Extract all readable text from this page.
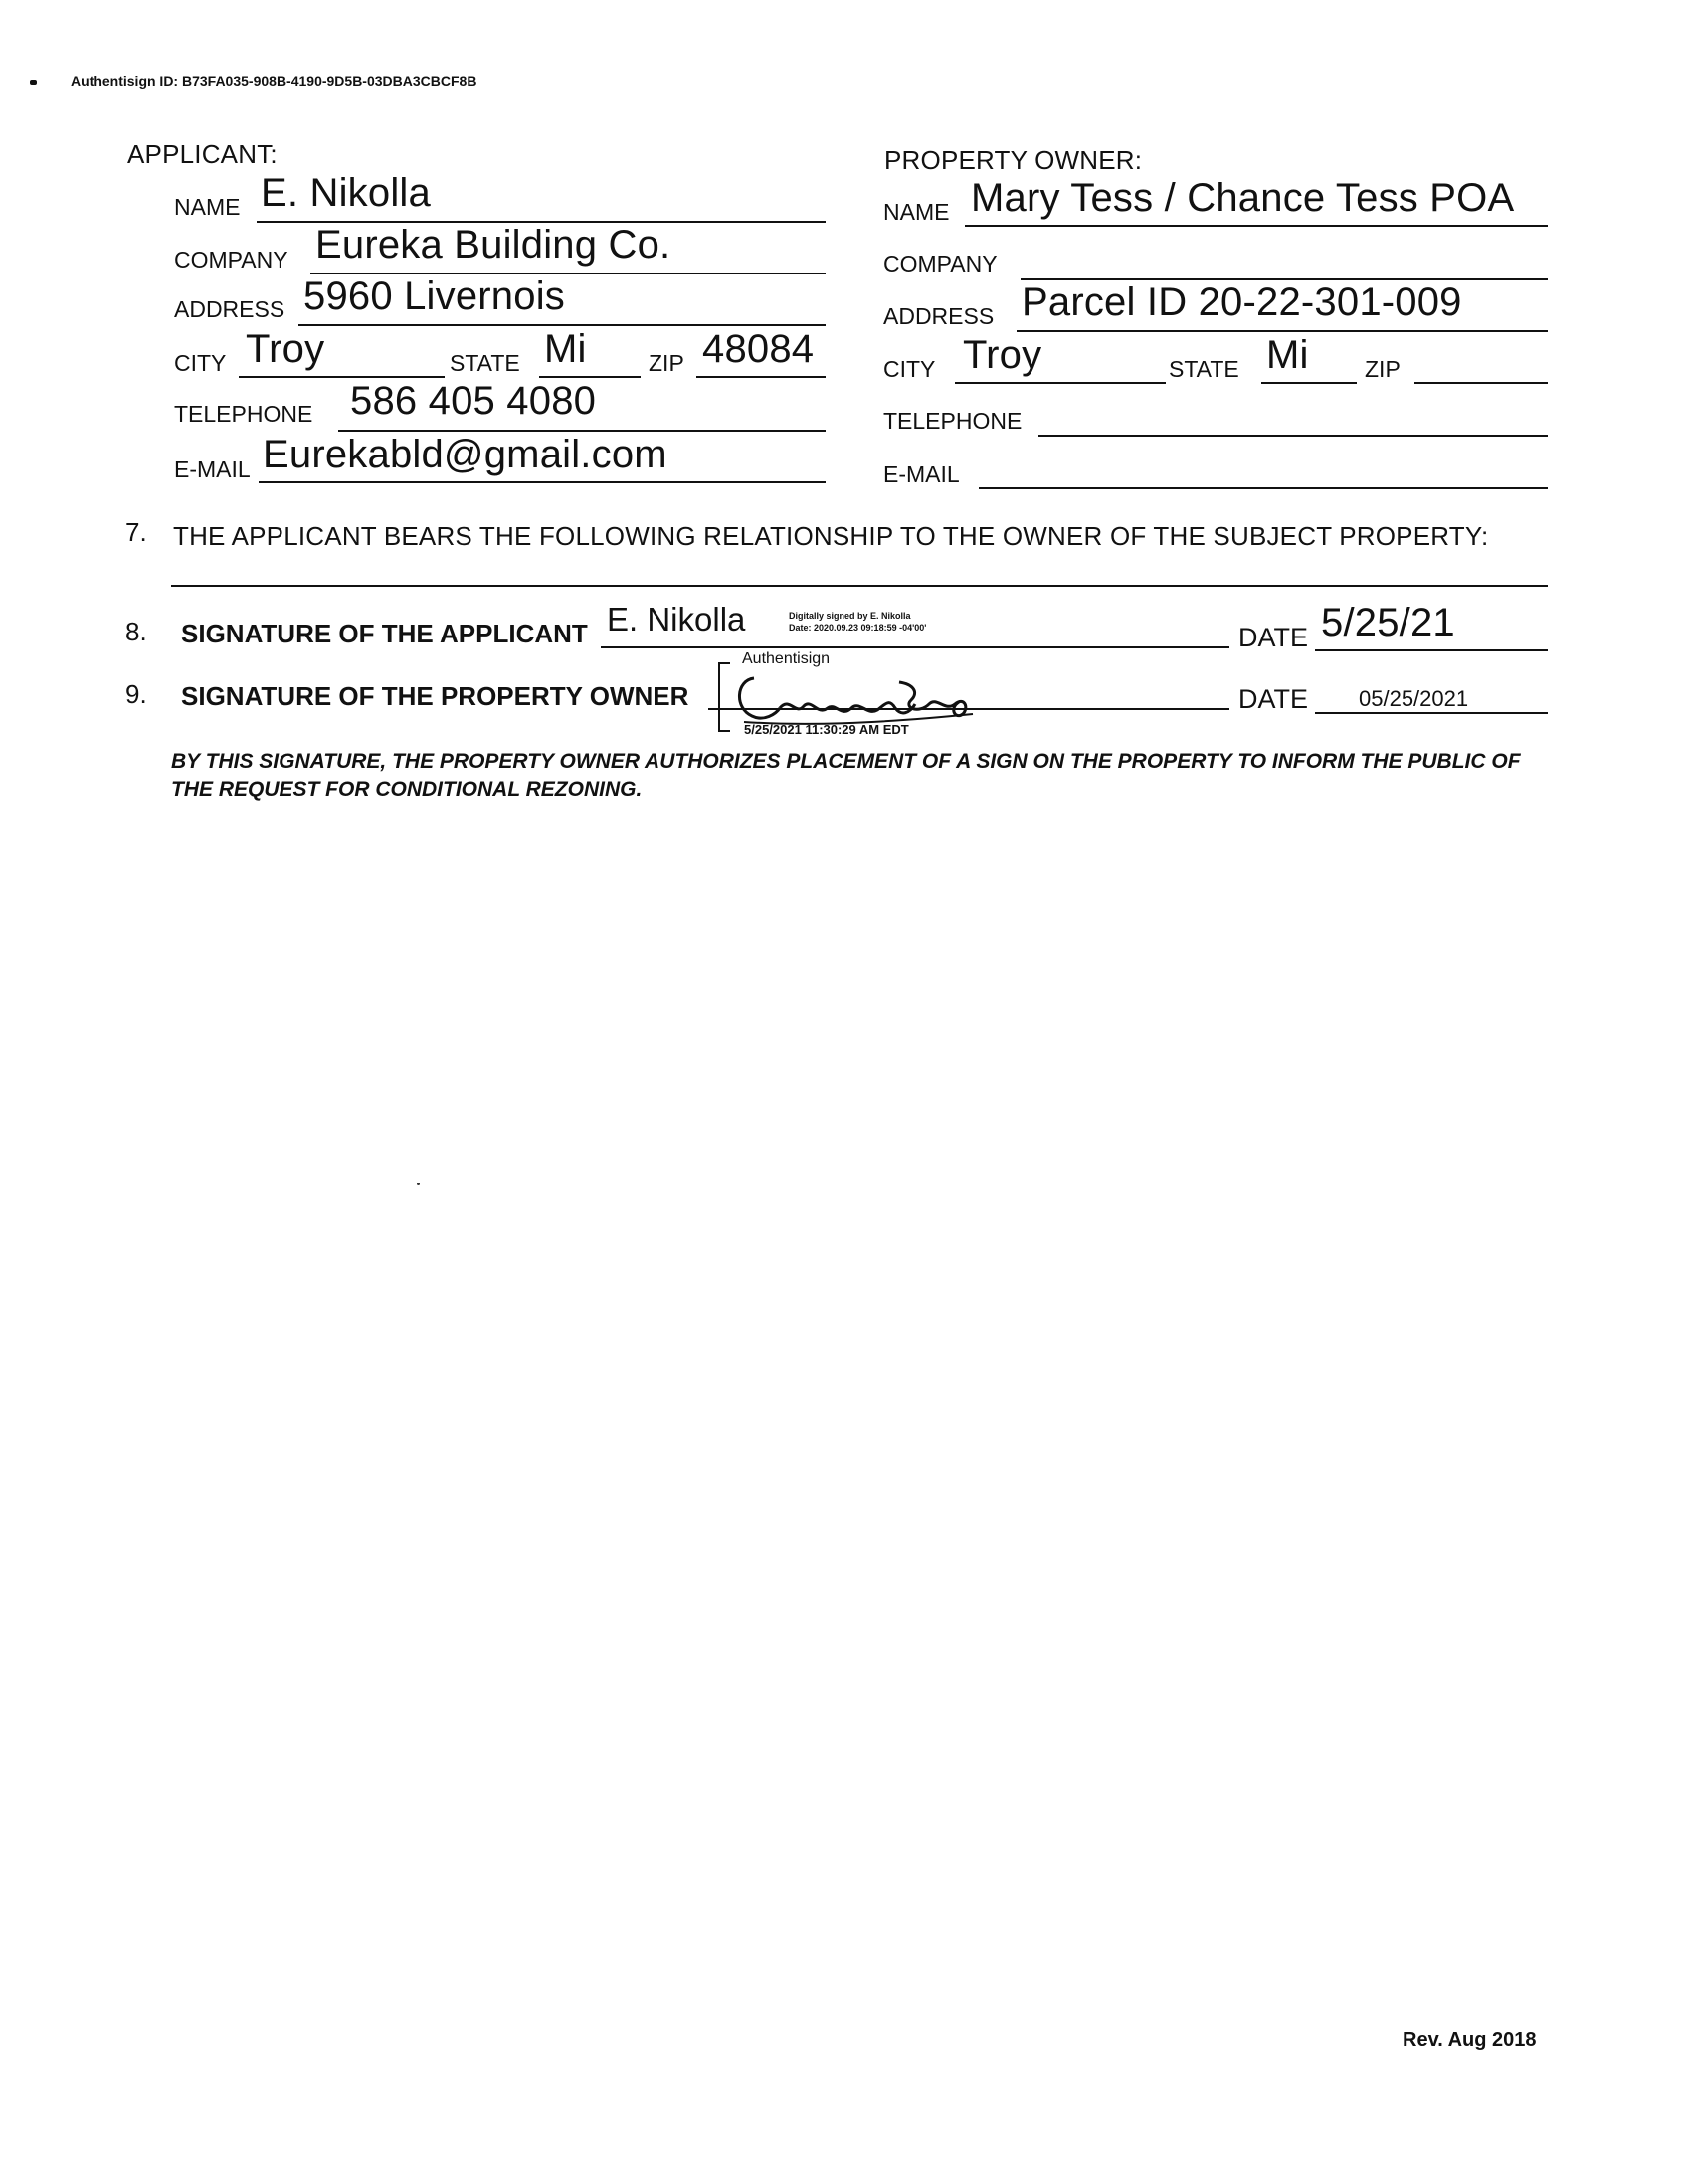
Authentisign ID: B73FA035-908B-4190-9D5B-03DBA3CBCF8B
APPLICANT:
NAME E. Nikolla
COMPANY Eureka Building Co.
ADDRESS 5960 Livernois
CITY Troy	STATE Mi	ZIP 48084
TELEPHONE 586 405 4080
E-MAIL Eurekabld@gmail.com
PROPERTY OWNER:
NAME Mary Tess / Chance Tess POA
COMPANY
ADDRESS Parcel ID 20-22-301-009
CITY Troy	STATE Mi ZIP
TELEPHONE
E-MAIL
7. THE APPLICANT BEARS THE FOLLOWING RELATIONSHIP TO THE OWNER OF THE SUBJECT PROPERTY:
8. SIGNATURE OF THE APPLICANT E. Nikolla	Digitally signed by E. Nikolla
Date: 2020.09.23 09:18:59 -04'00'	DATE 5/25/21
9. SIGNATURE OF THE PROPERTY OWNER
Authentisign
5/25/2021 11:30:29 AM EDT
DATE 05/25/2021
BY THIS SIGNATURE, THE PROPERTY OWNER AUTHORIZES PLACEMENT OF A SIGN ON THE PROPERTY TO INFORM THE PUBLIC OF THE REQUEST FOR CONDITIONAL REZONING.
Rev. Aug 2018
